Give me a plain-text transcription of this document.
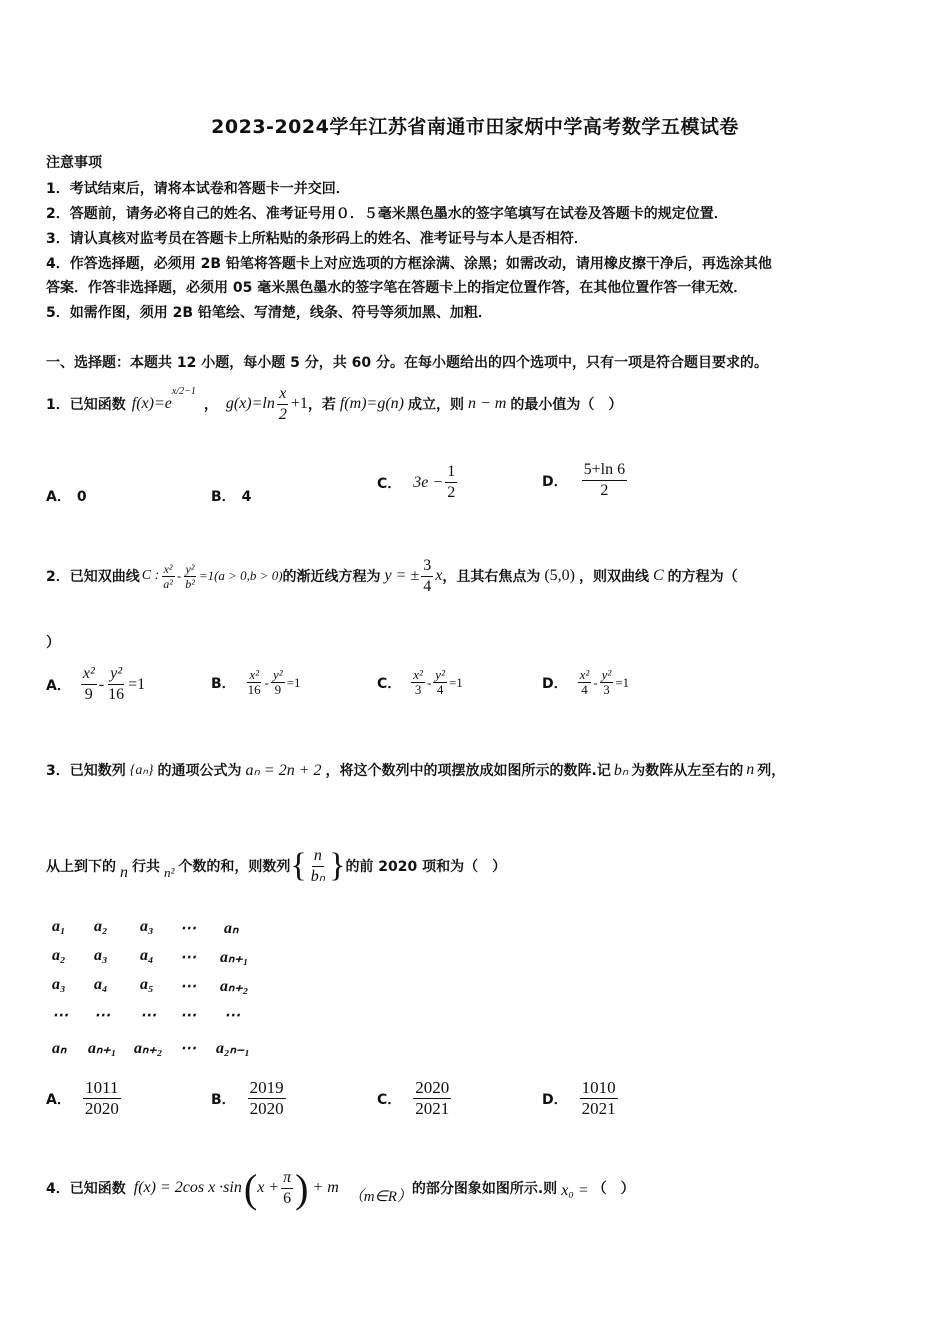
2023-2024学年江苏省南通市田家炳中学高考数学五模试卷
注意事项
1．考试结束后，请将本试卷和答题卡一并交回．
2．答题前，请务必将自己的姓名、准考证号用０．５毫米黑色墨水的签字笔填写在试卷及答题卡的规定位置．
3．请认真核对监考员在答题卡上所粘贴的条形码上的姓名、准考证号与本人是否相符．
4．作答选择题，必须用 2B 铅笔将答题卡上对应选项的方框涂满、涂黑；如需改动，请用橡皮擦干净后，再选涂其他
答案．作答非选择题，必须用 05 毫米黑色墨水的签字笔在答题卡上的指定位置作答，在其他位置作答一律无效．
5．如需作图，须用 2B 铅笔绘、写清楚，线条、符号等须加黑、加粗．
一、选择题：本题共 12 小题，每小题 5 分，共 60 分。在每小题给出的四个选项中，只有一项是符合题目要求的。
1．已知函数 f(x)=e
x/2−1
， $g(x)=\ln \frac{x}{2} +1$ ，若 f(m)=g(n) 成立，则 n − m 的最小值为（　）
A． 0	B． 4
C． $3e - \frac{1}{2}$	D． $\frac{5+\ln 6}{2}$
2．已知双曲线 C : $\frac{\text{x²}}{\text{a²}} - \frac{\text{y²}}{\text{b²}} =1(a > 0,b > 0)$ 的渐近线方程为 y = ± $\frac{3}{4}$ x ，且其右焦点为 (5,0) ，则双曲线 C 的方程为（
）
A． $\frac{\text{x²}}{9} - \frac{\text{y²}}{16} =1$	B． $\frac{\text{x²}}{16} - \frac{\text{y²}}{9} =1$	C． $\frac{\text{x²}}{3} - \frac{\text{y²}}{4} =1$	D． $\frac{\text{x²}}{4} - \frac{\text{y²}}{3} =1$
3．已知数列 {aₙ} 的通项公式为 aₙ = 2n + 2 ，将这个数列中的项摆放成如图所示的数阵.记 bₙ 为数阵从左至右的 n 列，
从上到下的 n 行共 n² 个数的和，则数列 { $\frac{n}{\text{bₙ}}$ } 的前 2020 项和为（　）
a₁ a₂ a₃ ⋯ aₙ
a₂ a₃ a₄ ⋯ aₙ₊₁
a₃ a₄ a₅ ⋯ aₙ₊₂
⋯ ⋯ ⋯ ⋯ ⋯
aₙ aₙ₊₁ aₙ₊₂ ⋯ a₂ₙ₋₁
A． $\frac{1011}{2020}$	B． $\frac{2019}{2020}$	C． $\frac{2020}{2021}$	D． $\frac{1010}{2021}$
4．已知函数 f(x) = 2cos x ·sin ( $x + \frac{\pi}{6}$ ) + m
（m∈R） 的部分图象如图所示.则 x₀ = （　）
